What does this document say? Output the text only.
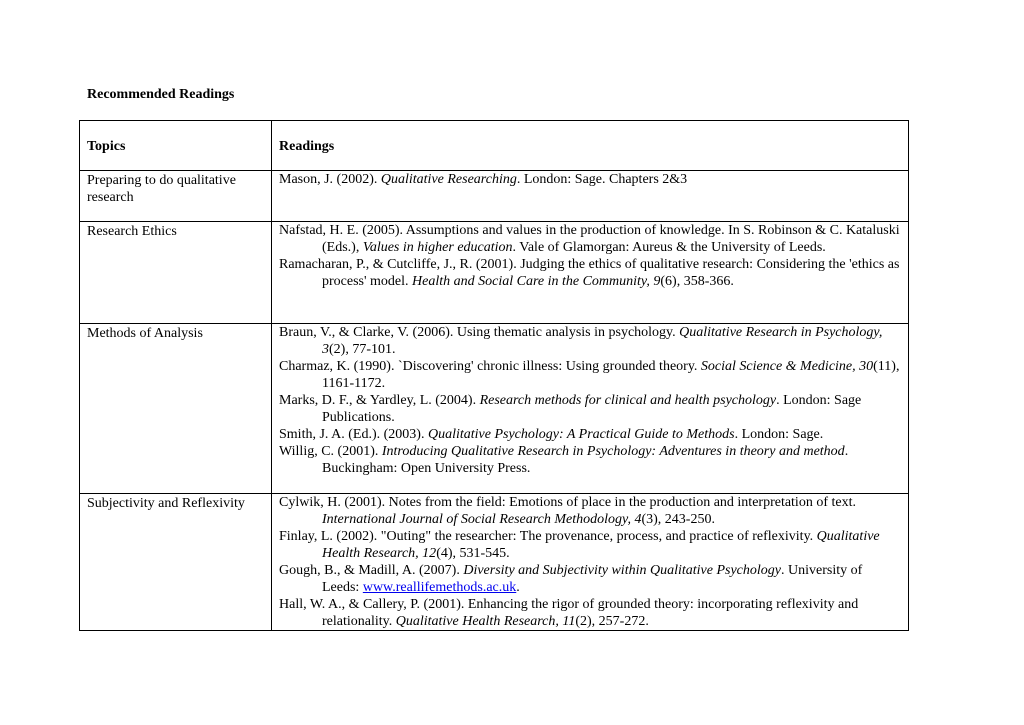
Recommended Readings
Topics	Readings

Preparing to do qualitative research	Mason, J. (2002). Qualitative Researching. London: Sage. Chapters 2&3

Research Ethics	Nafstad, H. E. (2005). Assumptions and values in the production of knowledge. In S. Robinson & C. Kataluski (Eds.), Values in higher education. Vale of Glamorgan: Aureus & the University of Leeds.
Ramacharan, P., & Cutcliffe, J., R. (2001). Judging the ethics of qualitative research: Considering the 'ethics as process' model. Health and Social Care in the Community, 9(6), 358-366.

Methods of Analysis	Braun, V., & Clarke, V. (2006). Using thematic analysis in psychology. Qualitative Research in Psychology, 3(2), 77-101.
Charmaz, K. (1990). `Discovering' chronic illness: Using grounded theory. Social Science & Medicine, 30(11), 1161-1172.
Marks, D. F., & Yardley, L. (2004). Research methods for clinical and health psychology. London: Sage Publications.
Smith, J. A. (Ed.). (2003). Qualitative Psychology: A Practical Guide to Methods. London: Sage.
Willig, C. (2001). Introducing Qualitative Research in Psychology: Adventures in theory and method. Buckingham: Open University Press.

Subjectivity and Reflexivity	Cylwik, H. (2001). Notes from the field: Emotions of place in the production and interpretation of text. International Journal of Social Research Methodology, 4(3), 243-250.
Finlay, L. (2002). "Outing" the researcher: The provenance, process, and practice of reflexivity. Qualitative Health Research, 12(4), 531-545.
Gough, B., & Madill, A. (2007). Diversity and Subjectivity within Qualitative Psychology. University of Leeds: www.reallifemethods.ac.uk.
Hall, W. A., & Callery, P. (2001). Enhancing the rigor of grounded theory: incorporating reflexivity and relationality. Qualitative Health Research, 11(2), 257-272.
